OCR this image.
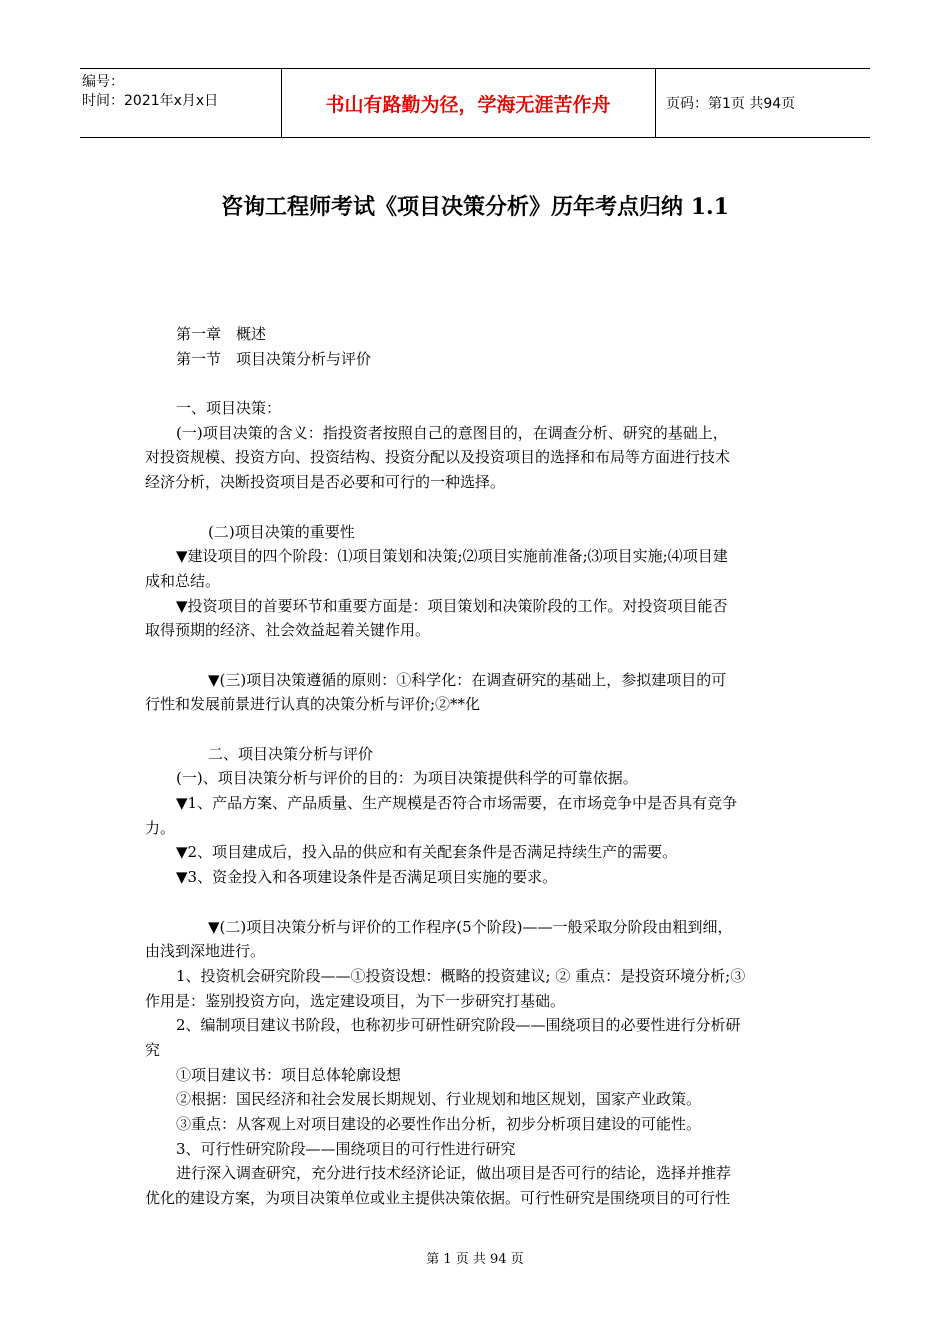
编号：
时间：2021年x月x日	书山有路勤为径，学海无涯苦作舟	页码：第1页 共94页
咨询工程师考试《项目决策分析》历年考点归纳 1.1
第一章　概述
第一节　项目决策分析与评价
一、项目决策：
(一)项目决策的含义：指投资者按照自己的意图目的，在调查分析、研究的基础上，
对投资规模、投资方向、投资结构、投资分配以及投资项目的选择和布局等方面进行技术
经济分析，决断投资项目是否必要和可行的一种选择。
(二)项目决策的重要性
▼建设项目的四个阶段：⑴项目策划和决策;⑵项目实施前准备;⑶项目实施;⑷项目建
成和总结。
▼投资项目的首要环节和重要方面是：项目策划和决策阶段的工作。对投资项目能否
取得预期的经济、社会效益起着关键作用。
▼(三)项目决策遵循的原则：①科学化：在调查研究的基础上，参拟建项目的可
行性和发展前景进行认真的决策分析与评价;②**化
二、项目决策分析与评价
(一)、项目决策分析与评价的目的：为项目决策提供科学的可靠依据。
▼1、产品方案、产品质量、生产规模是否符合市场需要，在市场竞争中是否具有竞争
力。
▼2、项目建成后，投入品的供应和有关配套条件是否满足持续生产的需要。
▼3、资金投入和各项建设条件是否满足项目实施的要求。
▼(二)项目决策分析与评价的工作程序(5个阶段)——一般采取分阶段由粗到细，
由浅到深地进行。
1、投资机会研究阶段——①投资设想：概略的投资建议; ② 重点：是投资环境分析;③
作用是：鉴别投资方向，选定建设项目，为下一步研究打基础。
2、编制项目建议书阶段，也称初步可研性研究阶段——围绕项目的必要性进行分析研
究
①项目建议书：项目总体轮廓设想
②根据：国民经济和社会发展长期规划、行业规划和地区规划，国家产业政策。
③重点：从客观上对项目建设的必要性作出分析，初步分析项目建设的可能性。
3、可行性研究阶段——围绕项目的可行性进行研究
进行深入调查研究，充分进行技术经济论证，做出项目是否可行的结论，选择并推荐
优化的建设方案，为项目决策单位或业主提供决策依据。可行性研究是围绕项目的可行性
第 1 页 共 94 页
